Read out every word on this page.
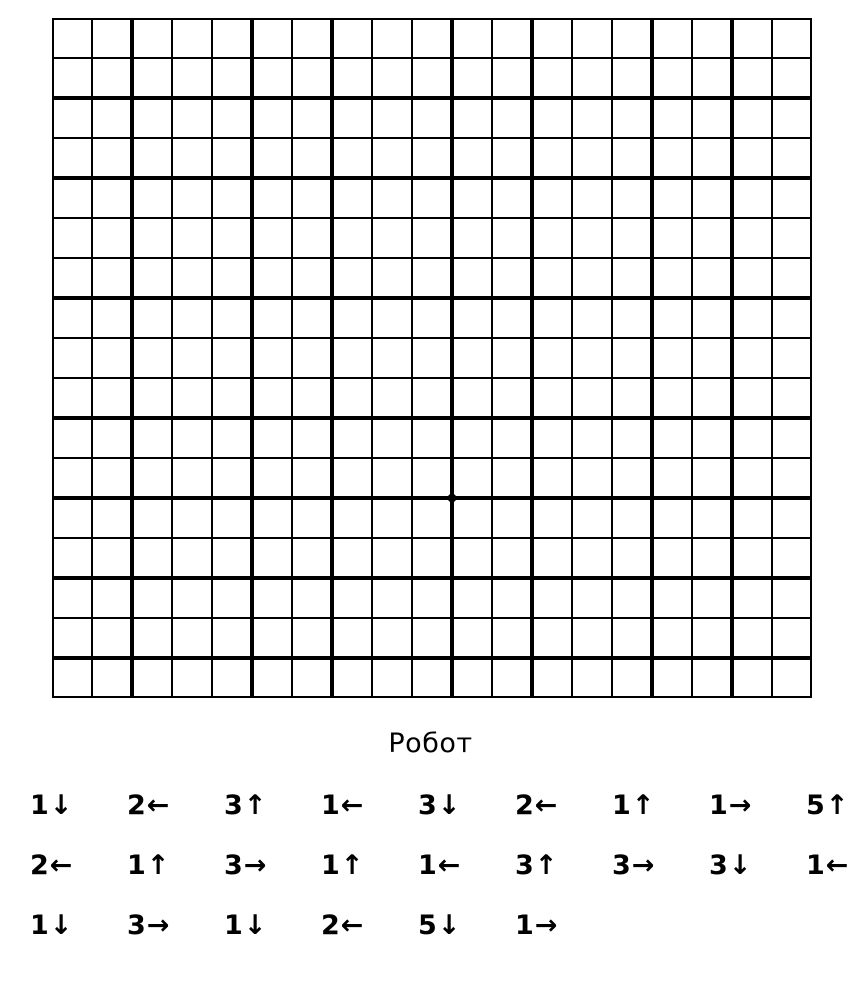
Робот
1↓	2←	3↑	1←	3↓	2←	1↑	1→	5↑
2←	1↑	3→	1↑	1←	3↑	3→	3↓	1←
1↓	3→	1↓	2←	5↓	1→
